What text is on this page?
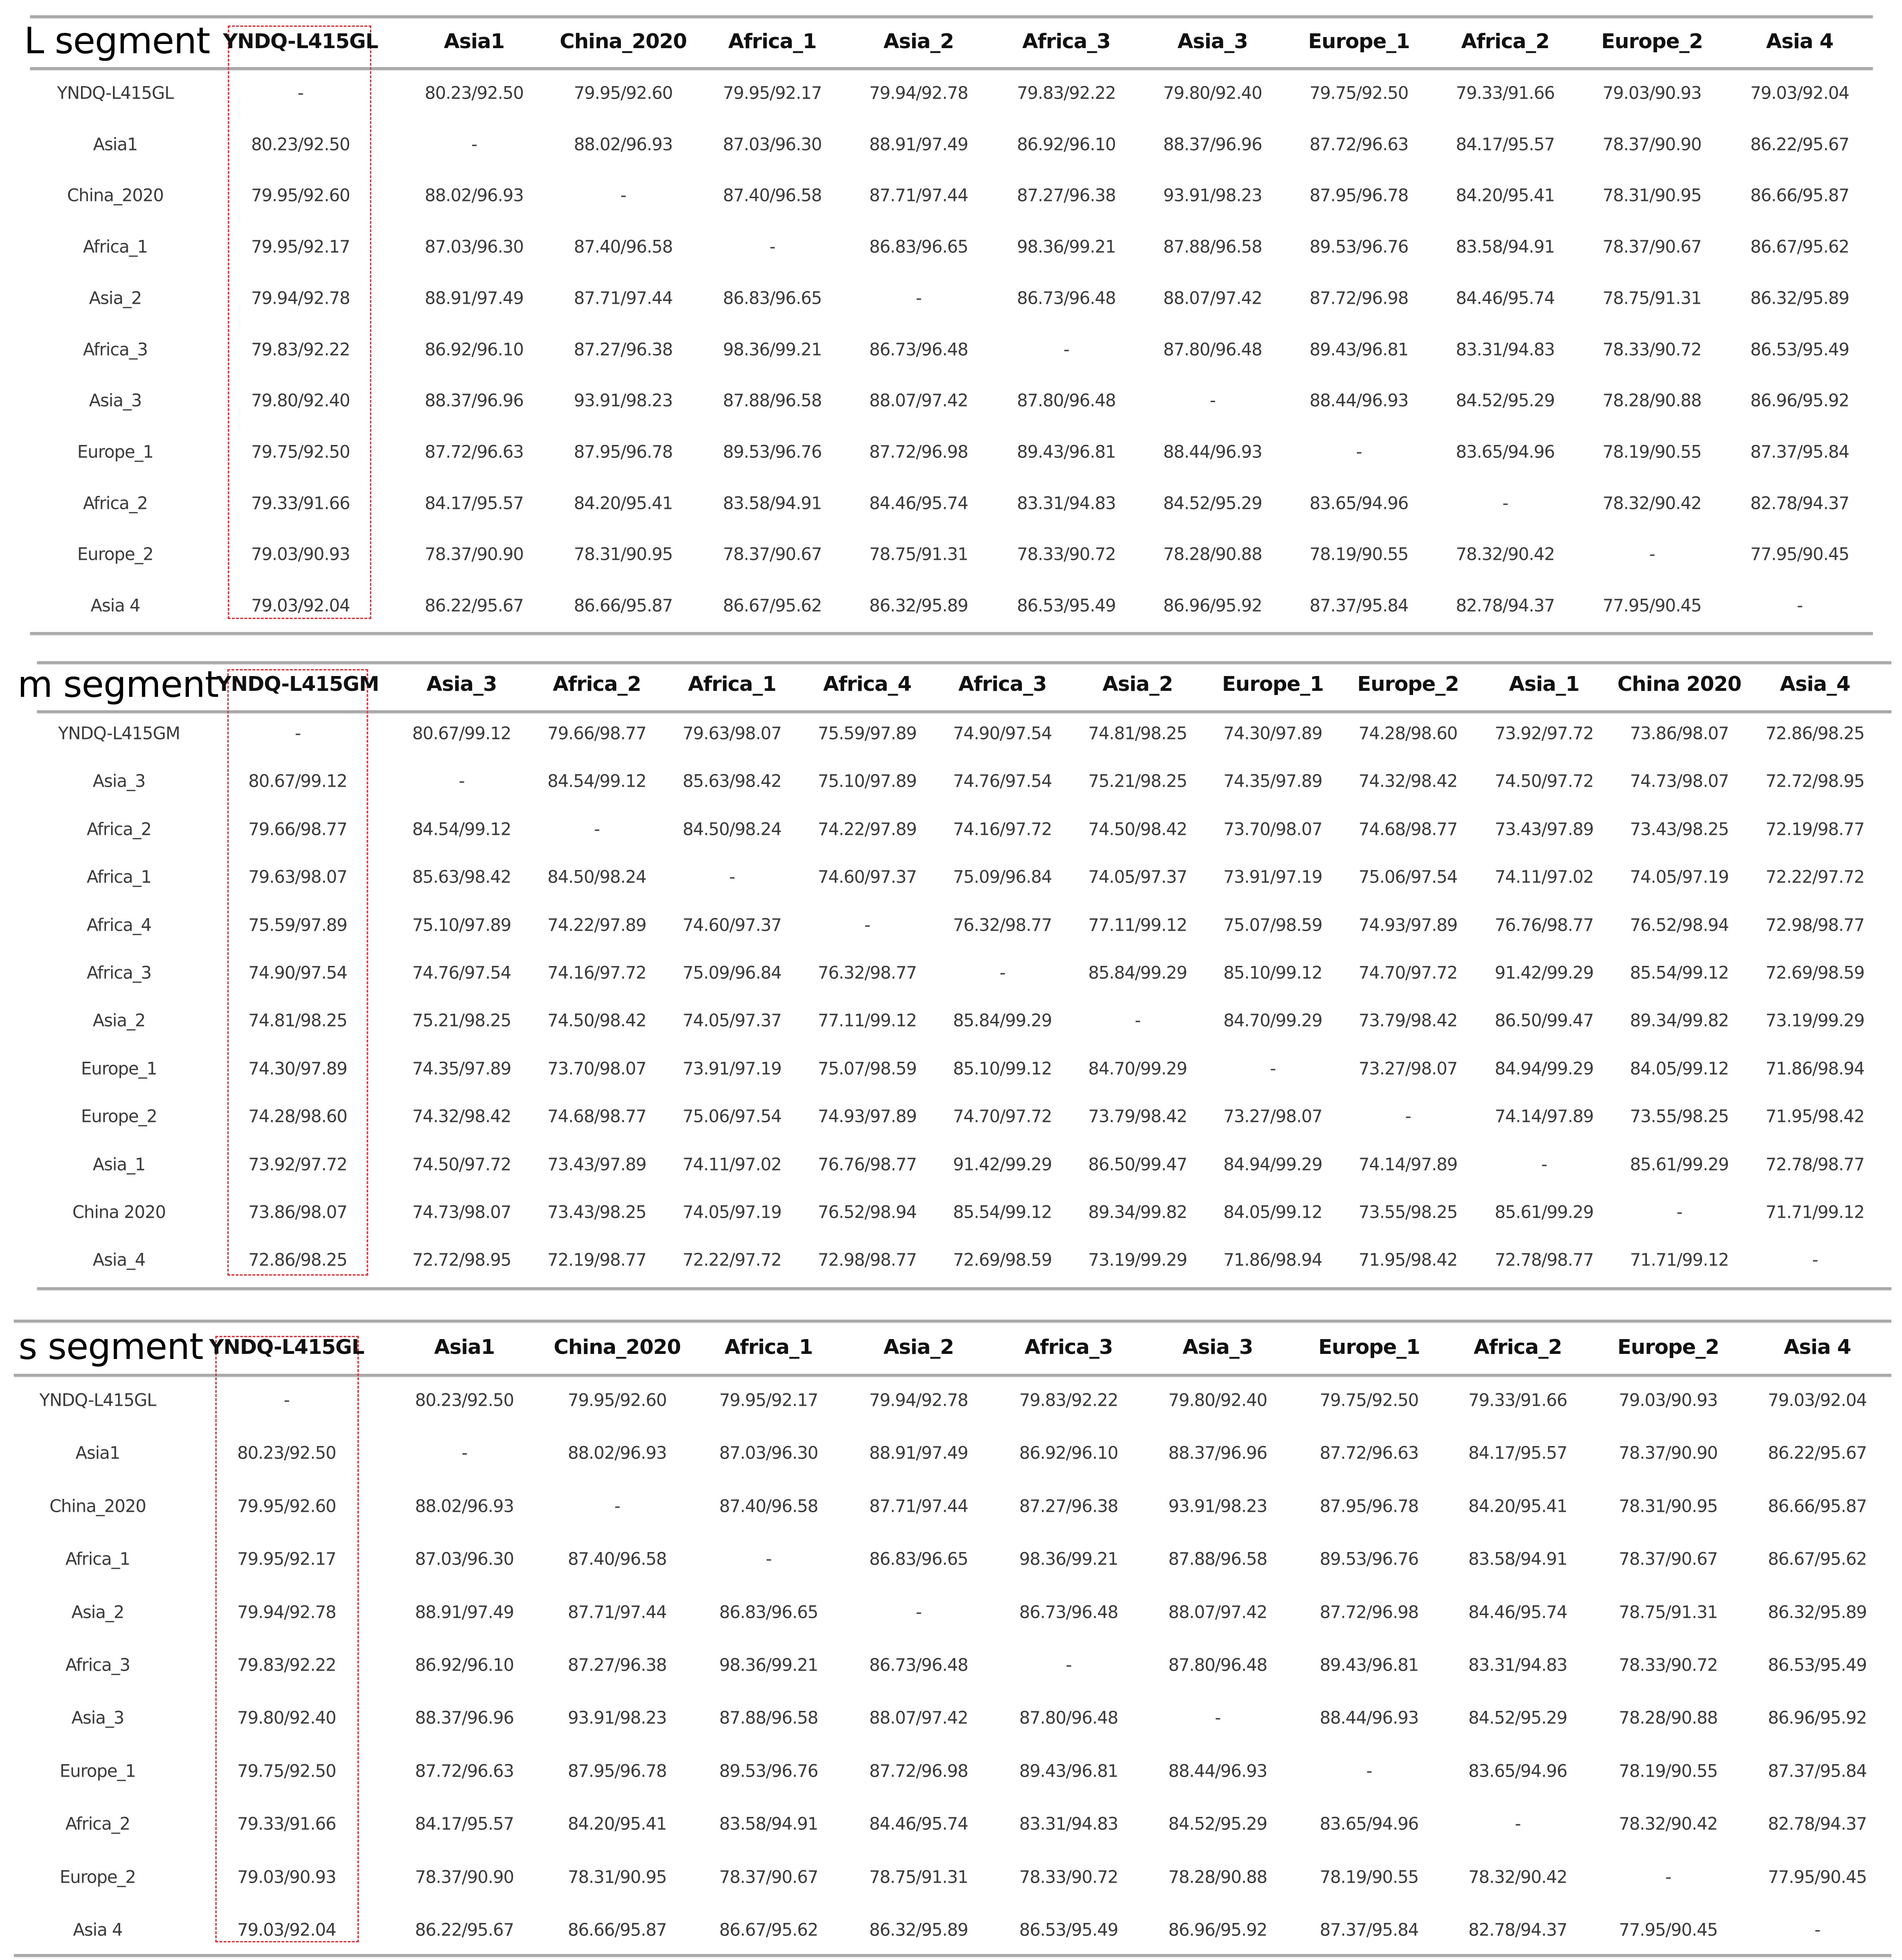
L segment YNDQ-L415GL	Asia1	China_2020 Africa_1	Asia_2	Africa_3	Asia_3	Europe_1	Africa_2	Europe_2	Asia 4
YNDQ-L415GL	-	80.23/92.50	79.95/92.60	79.95/92.17	79.94/92.78	79.83/92.22	79.80/92.40	79.75/92.50	79.33/91.66	79.03/90.93	79.03/92.04
Asia1	80.23/92.50	-	88.02/96.93	87.03/96.30	88.91/97.49	86.92/96.10	88.37/96.96	87.72/96.63	84.17/95.57	78.37/90.90	86.22/95.67
China_2020	79.95/92.60	88.02/96.93	-	87.40/96.58	87.71/97.44	87.27/96.38	93.91/98.23	87.95/96.78	84.20/95.41	78.31/90.95	86.66/95.87
Africa_1	79.95/92.17	87.03/96.30	87.40/96.58	-	86.83/96.65	98.36/99.21	87.88/96.58	89.53/96.76	83.58/94.91	78.37/90.67	86.67/95.62
Asia_2	79.94/92.78	88.91/97.49	87.71/97.44	86.83/96.65	-	86.73/96.48	88.07/97.42	87.72/96.98	84.46/95.74	78.75/91.31	86.32/95.89
Africa_3	79.83/92.22	86.92/96.10	87.27/96.38	98.36/99.21	86.73/96.48	-	87.80/96.48	89.43/96.81	83.31/94.83	78.33/90.72	86.53/95.49
Asia_3	79.80/92.40	88.37/96.96	93.91/98.23	87.88/96.58	88.07/97.42	87.80/96.48	-	88.44/96.93	84.52/95.29	78.28/90.88	86.96/95.92
Europe_1	79.75/92.50	87.72/96.63	87.95/96.78	89.53/96.76	87.72/96.98	89.43/96.81	88.44/96.93	-	83.65/94.96	78.19/90.55	87.37/95.84
Africa_2	79.33/91.66	84.17/95.57	84.20/95.41	83.58/94.91	84.46/95.74	83.31/94.83	84.52/95.29	83.65/94.96	-	78.32/90.42	82.78/94.37
Europe_2	79.03/90.93	78.37/90.90	78.31/90.95	78.37/90.67	78.75/91.31	78.33/90.72	78.28/90.88	78.19/90.55	78.32/90.42	-	77.95/90.45
Asia 4	79.03/92.04	86.22/95.67	86.66/95.87	86.67/95.62	86.32/95.89	86.53/95.49	86.96/95.92	87.37/95.84	82.78/94.37	77.95/90.45	-
m segment
YNDQ-L415GM Asia_3	Africa_2 Africa_1 Africa_4 Africa_3	Asia_2 Europe_1 Europe_2 Asia_1 China 2020 Asia_4
YNDQ-L415GM	-	80.67/99.12 79.66/98.77 79.63/98.07 75.59/97.89 74.90/97.54 74.81/98.25 74.30/97.89 74.28/98.60 73.92/97.72 73.86/98.07 72.86/98.25
Asia_3	80.67/99.12	-	84.54/99.12 85.63/98.42 75.10/97.89 74.76/97.54 75.21/98.25 74.35/97.89 74.32/98.42 74.50/97.72 74.73/98.07 72.72/98.95
Africa_2	79.66/98.77	84.54/99.12	-	84.50/98.24 74.22/97.89 74.16/97.72 74.50/98.42 73.70/98.07 74.68/98.77 73.43/97.89 73.43/98.25 72.19/98.77
Africa_1	79.63/98.07	85.63/98.42 84.50/98.24	-	74.60/97.37 75.09/96.84 74.05/97.37 73.91/97.19 75.06/97.54 74.11/97.02 74.05/97.19 72.22/97.72
Africa_4	75.59/97.89	75.10/97.89 74.22/97.89 74.60/97.37	-	76.32/98.77 77.11/99.12 75.07/98.59 74.93/97.89 76.76/98.77 76.52/98.94 72.98/98.77
Africa_3	74.90/97.54	74.76/97.54 74.16/97.72 75.09/96.84 76.32/98.77	-	85.84/99.29 85.10/99.12 74.70/97.72 91.42/99.29 85.54/99.12 72.69/98.59
Asia_2	74.81/98.25	75.21/98.25 74.50/98.42 74.05/97.37 77.11/99.12 85.84/99.29	-	84.70/99.29 73.79/98.42 86.50/99.47 89.34/99.82 73.19/99.29
Europe_1	74.30/97.89	74.35/97.89 73.70/98.07 73.91/97.19 75.07/98.59 85.10/99.12 84.70/99.29	-	73.27/98.07 84.94/99.29 84.05/99.12 71.86/98.94
Europe_2	74.28/98.60	74.32/98.42 74.68/98.77 75.06/97.54 74.93/97.89 74.70/97.72 73.79/98.42 73.27/98.07	-	74.14/97.89 73.55/98.25 71.95/98.42
Asia_1	73.92/97.72	74.50/97.72 73.43/97.89 74.11/97.02 76.76/98.77 91.42/99.29 86.50/99.47 84.94/99.29 74.14/97.89	-	85.61/99.29 72.78/98.77
China 2020	73.86/98.07	74.73/98.07 73.43/98.25 74.05/97.19 76.52/98.94 85.54/99.12 89.34/99.82 84.05/99.12 73.55/98.25 85.61/99.29	-	71.71/99.12
Asia_4	72.86/98.25	72.72/98.95 72.19/98.77 72.22/97.72 72.98/98.77 72.69/98.59 73.19/99.29 71.86/98.94 71.95/98.42 72.78/98.77 71.71/99.12	-
s segment YNDQ-L415GL	Asia1	China_2020 Africa_1	Asia_2	Africa_3	Asia_3	Europe_1	Africa_2	Europe_2	Asia 4
YNDQ-L415GL	-	80.23/92.50	79.95/92.60	79.95/92.17	79.94/92.78	79.83/92.22	79.80/92.40	79.75/92.50	79.33/91.66	79.03/90.93	79.03/92.04
Asia1	80.23/92.50	-	88.02/96.93	87.03/96.30	88.91/97.49	86.92/96.10	88.37/96.96	87.72/96.63	84.17/95.57	78.37/90.90	86.22/95.67
China_2020	79.95/92.60	88.02/96.93	-	87.40/96.58	87.71/97.44	87.27/96.38	93.91/98.23	87.95/96.78	84.20/95.41	78.31/90.95	86.66/95.87
Africa_1	79.95/92.17	87.03/96.30	87.40/96.58	-	86.83/96.65	98.36/99.21	87.88/96.58	89.53/96.76	83.58/94.91	78.37/90.67	86.67/95.62
Asia_2	79.94/92.78	88.91/97.49	87.71/97.44	86.83/96.65	-	86.73/96.48	88.07/97.42	87.72/96.98	84.46/95.74	78.75/91.31	86.32/95.89
Africa_3	79.83/92.22	86.92/96.10	87.27/96.38	98.36/99.21	86.73/96.48	-	87.80/96.48	89.43/96.81	83.31/94.83	78.33/90.72	86.53/95.49
Asia_3	79.80/92.40	88.37/96.96	93.91/98.23	87.88/96.58	88.07/97.42	87.80/96.48	-	88.44/96.93	84.52/95.29	78.28/90.88	86.96/95.92
Europe_1	79.75/92.50	87.72/96.63	87.95/96.78	89.53/96.76	87.72/96.98	89.43/96.81	88.44/96.93	-	83.65/94.96	78.19/90.55	87.37/95.84
Africa_2	79.33/91.66	84.17/95.57	84.20/95.41	83.58/94.91	84.46/95.74	83.31/94.83	84.52/95.29	83.65/94.96	-	78.32/90.42	82.78/94.37
Europe_2	79.03/90.93	78.37/90.90	78.31/90.95	78.37/90.67	78.75/91.31	78.33/90.72	78.28/90.88	78.19/90.55	78.32/90.42	-	77.95/90.45
Asia 4	79.03/92.04	86.22/95.67	86.66/95.87	86.67/95.62	86.32/95.89	86.53/95.49	86.96/95.92	87.37/95.84	82.78/94.37	77.95/90.45	-
